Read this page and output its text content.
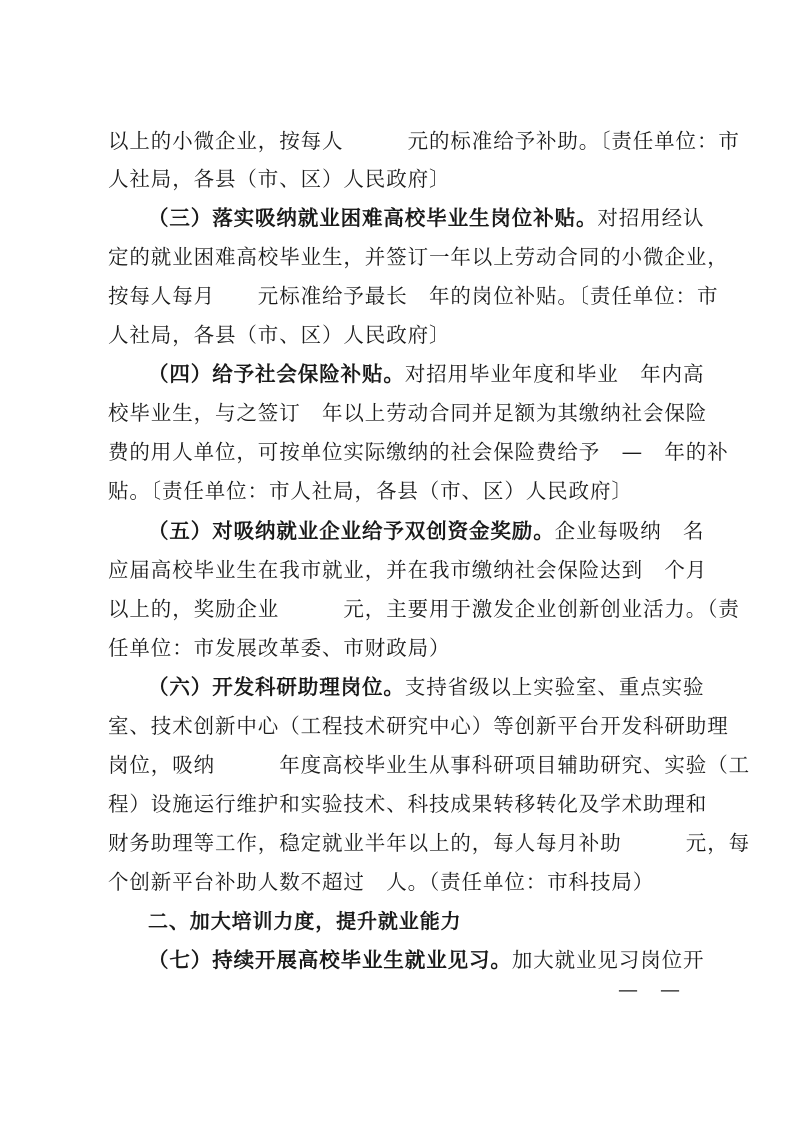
以上的小微企业，按每人　　　元的标准给予补助。〔责任单位：市
人社局，各县（市、区）人民政府〕
（三）落实吸纳就业困难高校毕业生岗位补贴。对招用经认
定的就业困难高校毕业生，并签订一年以上劳动合同的小微企业，
按每人每月　　元标准给予最长　年的岗位补贴。〔责任单位：市
人社局，各县（市、区）人民政府〕
（四）给予社会保险补贴。对招用毕业年度和毕业　年内高
校毕业生，与之签订　年以上劳动合同并足额为其缴纳社会保险
费的用人单位，可按单位实际缴纳的社会保险费给予　—　年的补
贴。〔责任单位：市人社局，各县（市、区）人民政府〕
（五）对吸纳就业企业给予双创资金奖励。企业每吸纳　名
应届高校毕业生在我市就业，并在我市缴纳社会保险达到　个月
以上的，奖励企业　　　元，主要用于激发企业创新创业活力。（责
任单位：市发展改革委、市财政局）
（六）开发科研助理岗位。支持省级以上实验室、重点实验
室、技术创新中心（工程技术研究中心）等创新平台开发科研助理
岗位，吸纳　　　年度高校毕业生从事科研项目辅助研究、实验（工
程）设施运行维护和实验技术、科技成果转移转化及学术助理和
财务助理等工作，稳定就业半年以上的，每人每月补助　　　元，每
个创新平台补助人数不超过　人。（责任单位：市科技局）
二、加大培训力度，提升就业能力
（七）持续开展高校毕业生就业见习。加大就业见习岗位开
——
